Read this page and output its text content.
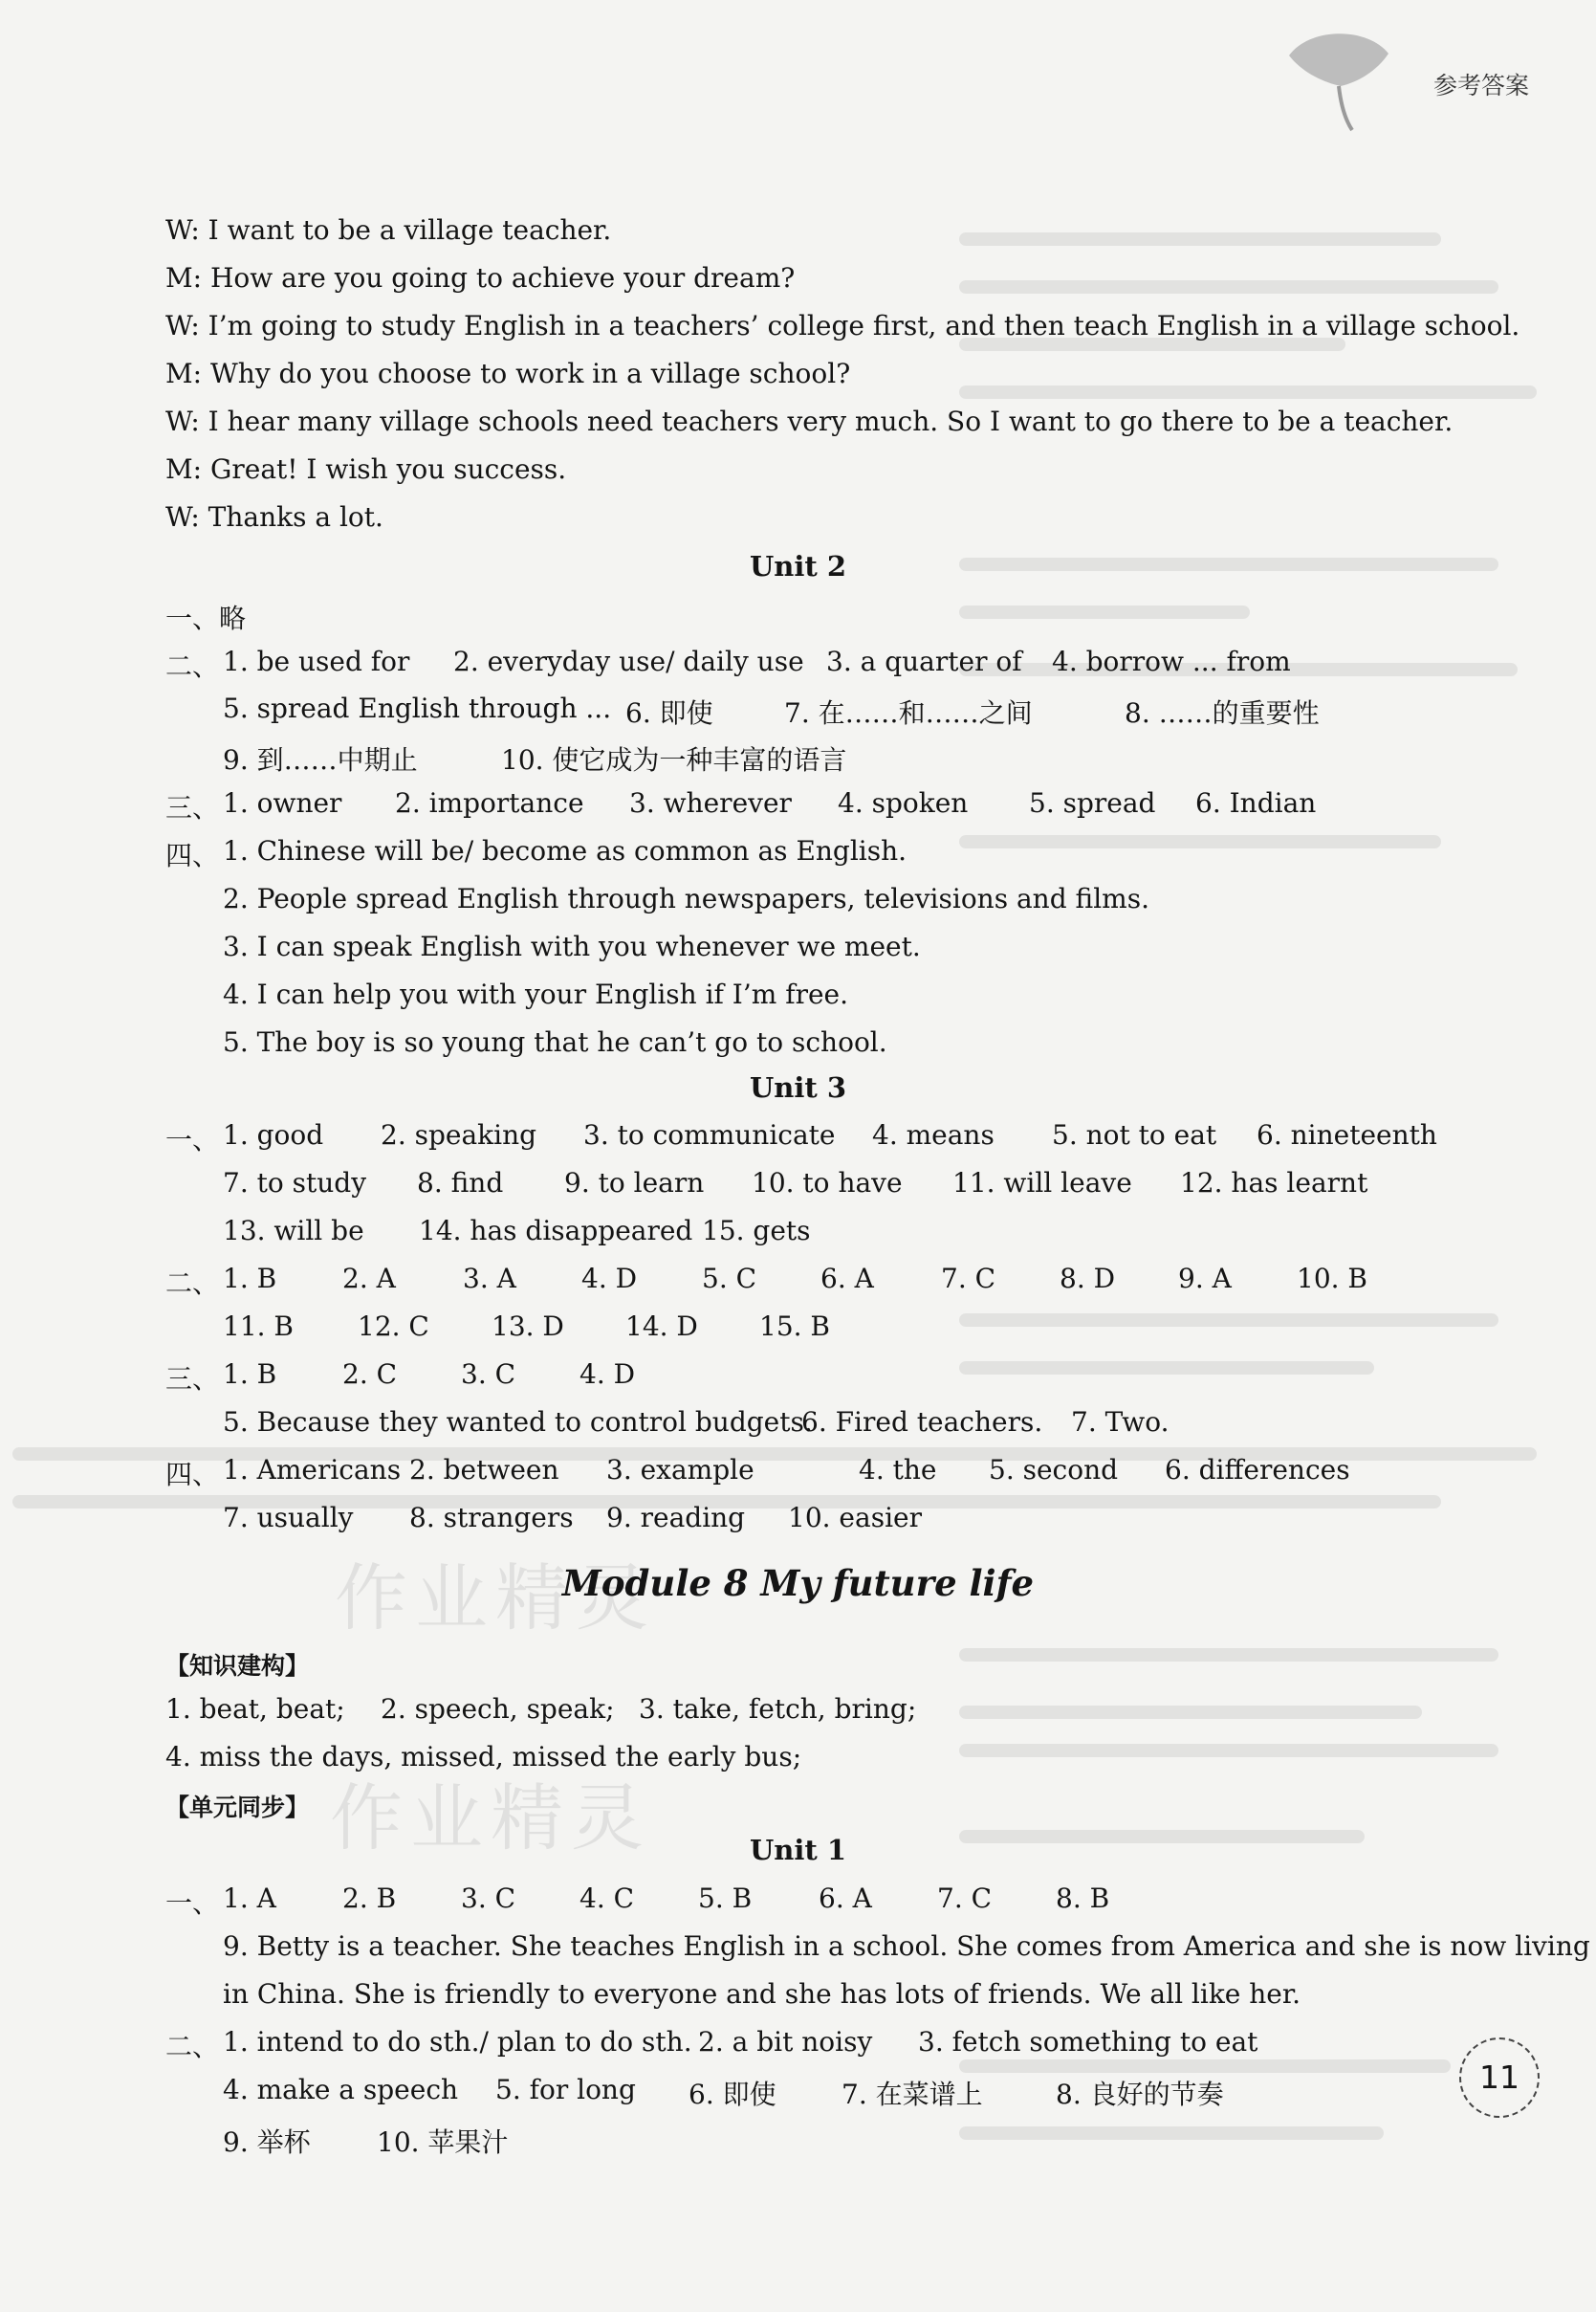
参考答案
W: I want to be a village teacher.
M: How are you going to achieve your dream?
W: I’m going to study English in a teachers’ college first, and then teach English in a village school.
M: Why do you choose to work in a village school?
W: I hear many village schools need teachers very much. So I want to go there to be a teacher.
M: Great! I wish you success.
W: Thanks a lot.
Unit 2
一、略
二、 1. be used for 2. everyday use/ daily use 3. a quarter of 4. borrow ... from
5. spread English through ... 6. 即使	7. 在……和……之间	8. ……的重要性
9. 到……中期止	10. 使它成为一种丰富的语言
三、 1. owner 2. importance 3. wherever 4. spoken 5. spread 6. Indian
四、 1. Chinese will be/ become as common as English.
2. People spread English through newspapers, televisions and films.
3. I can speak English with you whenever we meet.
4. I can help you with your English if I’m free.
5. The boy is so young that he can’t go to school.
Unit 3
一、 1. good 2. speaking 3. to communicate 4. means 5. not to eat 6. nineteenth
7. to study 8. find 9. to learn 10. to have 11. will leave 12. has learnt
13. will be 14. has disappeared 15. gets
二、 1. B 2. A	3. A 4. D 5. C 6. A	7. C 8. D 9. A 10. B
11. B 12. C 13. D 14. D 15. B
三、 1. B 2. C 3. C 4. D
5. Because they wanted to control budgets.
6. Fired teachers. 7. Two.
四、 1. Americans 2. between 3. example	4. the 5. second 6. differences
7. usually 8. strangers 9. reading 10. easier
Module 8 My future life
作业精灵
【知识建构】
1. beat, beat; 2. speech, speak; 3. take, fetch, bring;
4. miss the days, missed, missed the early bus;
【单元同步】 作业精灵	Unit 1
一、 1. A 2. B 3. C 4. C 5. B 6. A 7. C 8. B
9. Betty is a teacher. She teaches English in a school. She comes from America and she is now living
in China. She is friendly to everyone and she has lots of friends. We all like her.
二、 1. intend to do sth./ plan to do sth. 2. a bit noisy 3. fetch something to eat
4. make a speech 5. for long 6. 即使 7. 在菜谱上	8. 良好的节奏
9. 举杯 10. 苹果汁
11
